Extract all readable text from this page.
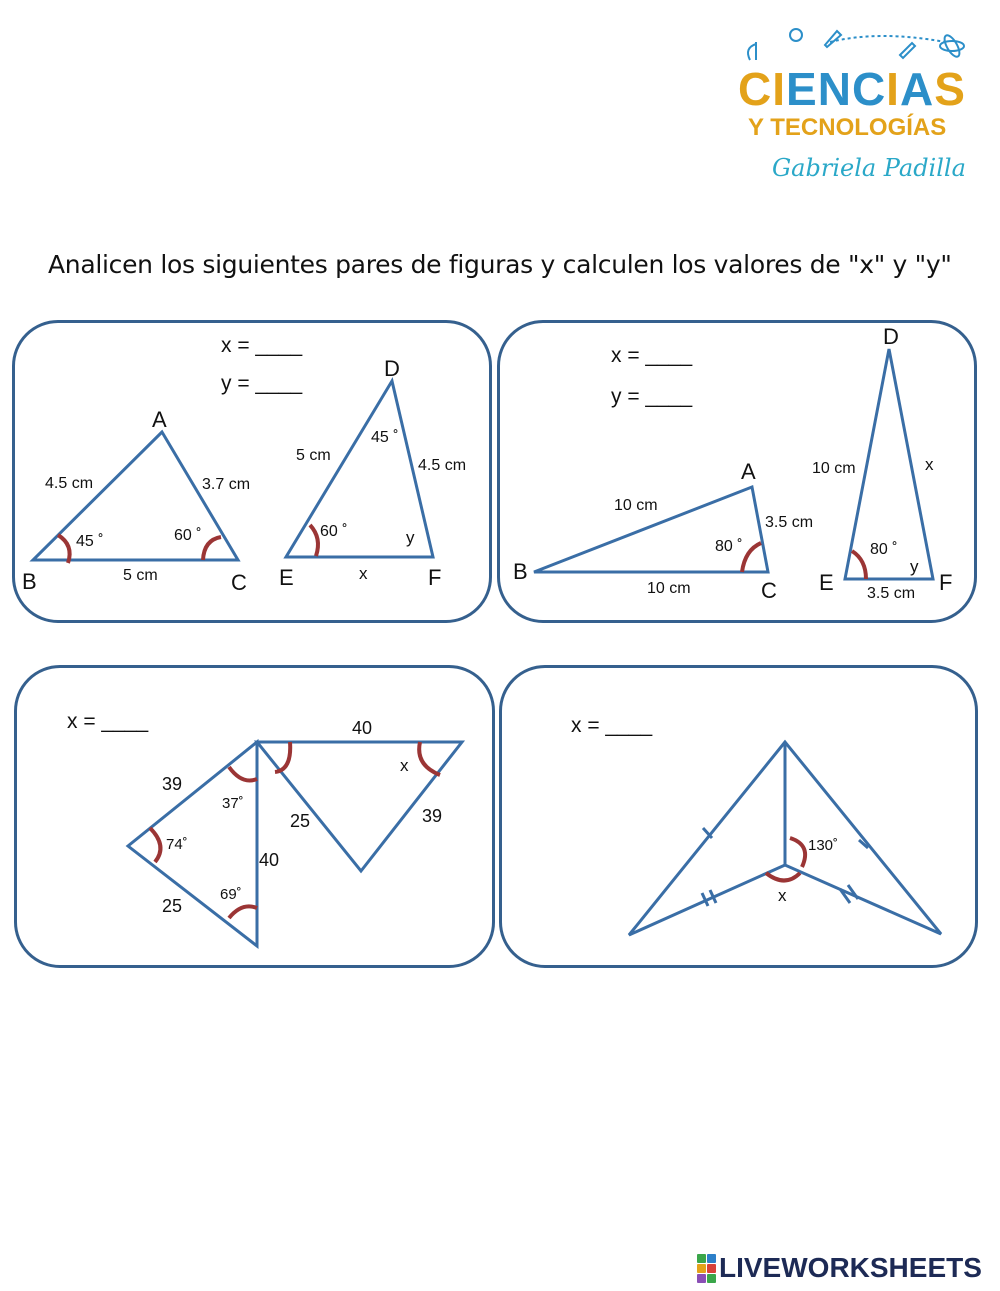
CIENCIAS
Y TECNOLOGÍAS
Gabriela Padilla
Analicen los siguientes pares de figuras y calculen los valores de "x" y "y"
x = ____
y = ____
A
B	C
4.5 cm	3.7 cm
5 cm
45 ˚	60 ˚
D
E	F
5 cm
4.5 cm
x
45 ˚
60 ˚	y
x = ____
y = ____
A
B
C
10 cm
3.5 cm
10 cm
80 ˚
D
E	F
10 cm	x
3.5 cm
80 ˚
y
x = ____
39
25
40
37˚
74˚
69˚
40
25	39
x
x = ____
130˚
x
LIVEWORKSHEETS
